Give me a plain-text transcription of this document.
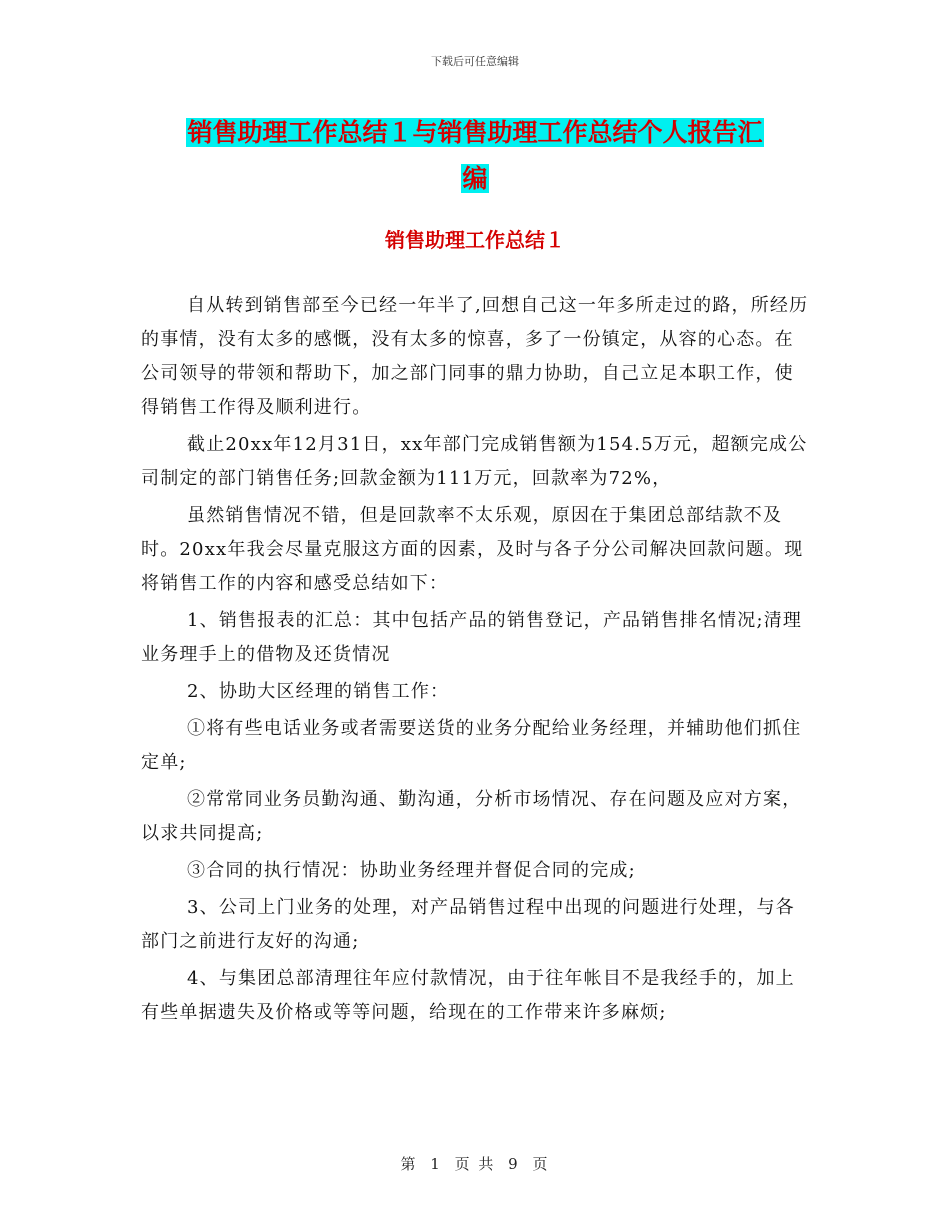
下载后可任意编辑
销售助理工作总结１与销售助理工作总结个人报告汇
编
销售助理工作总结１

自从转到销售部至今已经一年半了,回想自己这一年多所走过的路，所经历的事情，没有太多的感慨，没有太多的惊喜，多了一份镇定，从容的心态。在公司领导的带领和帮助下，加之部门同事的鼎力协助，自己立足本职工作，使得销售工作得及顺利进行。

截止20xx年12月31日，xx年部门完成销售额为154.5万元，超额完成公司制定的部门销售任务;回款金额为111万元，回款率为72%，

虽然销售情况不错，但是回款率不太乐观，原因在于集团总部结款不及时。20xx年我会尽量克服这方面的因素，及时与各子分公司解决回款问题。现将销售工作的内容和感受总结如下：

1、销售报表的汇总：其中包括产品的销售登记，产品销售排名情况;清理业务理手上的借物及还货情况

2、协助大区经理的销售工作：

①将有些电话业务或者需要送货的业务分配给业务经理，并辅助他们抓住定单;

②常常同业务员勤沟通、勤沟通，分析市场情况、存在问题及应对方案，以求共同提高;

③合同的执行情况：协助业务经理并督促合同的完成;

3、公司上门业务的处理，对产品销售过程中出现的问题进行处理，与各部门之前进行友好的沟通;

4、与集团总部清理往年应付款情况，由于往年帐目不是我经手的，加上有些单据遗失及价格或等等问题，给现在的工作带来许多麻烦;

第 1 页 共 9 页
